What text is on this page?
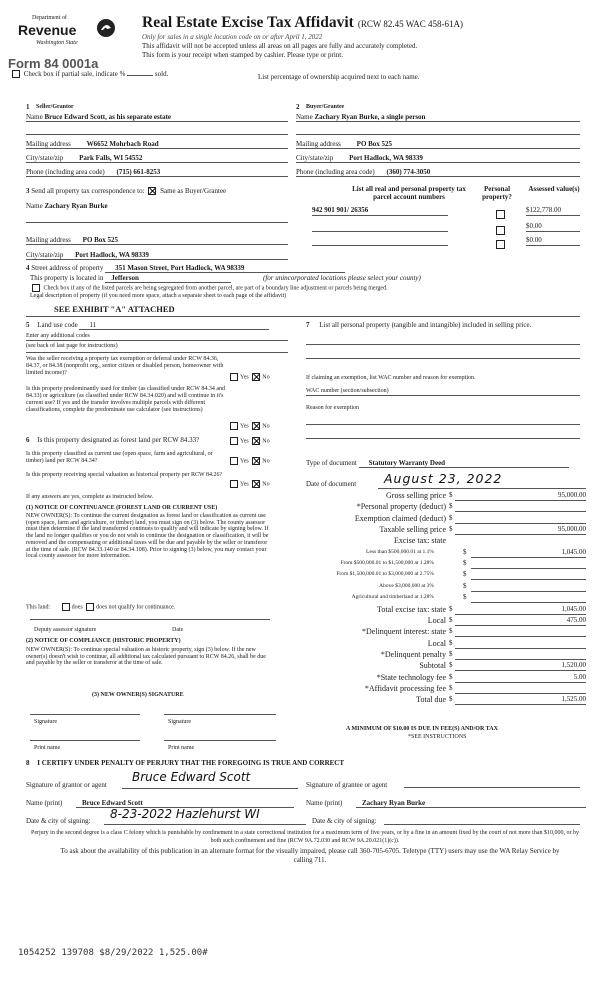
Department of
Revenue
Washington State
Form 84 0001a
Real Estate Excise Tax Affidavit (RCW 82.45 WAC 458-61A)
Only for sales in a single location code on or after April 1, 2022
This affidavit will not be accepted unless all areas on all pages are fully and accurately completed.
This form is your receipt when stamped by cashier. Please type or print.
Check box if partial sale, indicate %	sold.	List percentage of ownership acquired next to each name.
1 Seller/Grantor
Name Bruce Edward Scott, as his separate estate
2 Buyer/Grantee
Name Zachary Ryan Burke, a single person
Mailing address W6652 Mohrbach Road
City/state/zip Park Falls, WI 54552
Phone (including area code) (715) 661-8253
Mailing address PO Box 525
City/state/zip Port Hadlock, WA 98339
Phone (including area code) (360) 774-3050
3 Send all property tax correspondence to: Same as Buyer/Grantee
Name Zachary Ryan Burke
Mailing address PO Box 525
City/state/zip Port Hadlock, WA 98339
List all real and personal property tax parcel account numbers
Personal property?
Assessed value(s)
942 901 901/ 26356	$122,778.00
$0.00
$0.00
4 Street address of property 351 Mason Street, Port Hadlock, WA 98339
This property is located in Jefferson	(for unincorporated locations please select your county)
Check box if any of the listed parcels are being segregated from another parcel, are part of a boundary line adjustment or parcels being merged.
Legal description of property (if you need more space, attach a separate sheet to each page of the affidavit)
SEE EXHIBIT "A" ATTACHED
5 Land use code 11
Enter any additional codes
(see back of last page for instructions)
Was the seller receiving a property tax exemption or deferral under RCW 84.36, 84.37, or 84.38 (nonprofit org., senior citizen or disabled person, homeowner with limited income)?
Yes No
Is this property predominantly used for timber (as classified under RCW 84.34 and 84.33) or agriculture (as classified under RCW 84.34.020) and will continue in it's current use? If yes and the transfer involves multiple parcels with different classifications, complete the predominate use calculator (see instructions)
Yes No
6 Is this property designated as forest land per RCW 84.33?	Yes No
Is this property classified as current use (open space, farm and agricultural, or timber) land per RCW 84.34?	Yes No
Is this property receiving special valuation as historical property per RCW 84.26?
Yes No
If any answers are yes, complete as instructed below.
(1) NOTICE OF CONTINUANCE (FOREST LAND OR CURRENT USE)
NEW OWNER(S): To continue the current designation as forest land or classification as current use (open space, farm and agriculture, or timber) land, you must sign on (3) below. The county assessor must then determine if the land transferred continues to qualify and will indicate by signing below. If the land no longer qualifies or you do not wish to continue the designation or classification, it will be removed and the compensating or additional taxes will be due and payable by the seller or transferor at the time of sale. (RCW 84.33.140 or 84.34.108). Prior to signing (3) below, you may contact your local county assessor for more information.
This land:	does does not qualify for continuance.
Deputy assessor signature	Date
(2) NOTICE OF COMPLIANCE (HISTORIC PROPERTY)
NEW OWNER(S): To continue special valuation as historic property, sign (3) below. If the new owner(s) doesn't wish to continue, all additional tax calculated pursuant to RCW 84.26, shall be due and payable by the seller or transferor at the time of sale.
(3) NEW OWNER(S) SIGNATURE
Signature	Signature
Print name	Print name
7 List all personal property (tangible and intangible) included in selling price.
If claiming an exemption, list WAC number and reason for exemption.
WAC number (section/subsection)
Reason for exemption
Type of document Statutory Warranty Deed
Date of document	August 23, 2022
Gross selling price $	95,000.00
*Personal property (deduct) $
Exemption claimed (deduct) $
Taxable selling price $	95,000.00
Excise tax: state
Less than $500,000.01 at 1.1%	$	1,045.00
From $500,000.01 to $1,500,000 at 1.28%	$
From $1,500,000.01 to $3,000,000 at 2.75%	$
Above $3,000,000 at 3%	$
Agricultural and timberland at 1.28%	$
Total excise tax: state $	1,045.00
Local $	475.00
*Delinquent interest: state $
Local $
*Delinquent penalty $
Subtotal $	1,520.00
*State technology fee $	5.00
*Affidavit processing fee $
Total due $	1,525.00
A MINIMUM OF $10.00 IS DUE IN FEE(S) AND/OR TAX
*SEE INSTRUCTIONS
8 I CERTIFY UNDER PENALTY OF PERJURY THAT THE FOREGOING IS TRUE AND CORRECT
Signature of grantor or agent
Bruce Edward Scott
Signature of grantee or agent
Name (print)	Bruce Edward Scott	Name (print)	Zachary Ryan Burke
Date & city of signing:	8-23-2022 Hazlehurst WI	Date & city of signing:
Perjury in the second degree is a class C felony which is punishable by confinement in a state correctional institution for a maximum term of five years, or by a fine in an amount fixed by the court of not more than $10,000, or by both such confinement and fine (RCW 9A.72.030 and RCW 9A.20.021(1)(c)).
To ask about the availability of this publication in an alternate format for the visually impaired, please call 360-705-6705. Teletype (TTY) users may use the WA Relay Service by calling 711.
1054252 139708 $8/29/2022 1,525.00#
